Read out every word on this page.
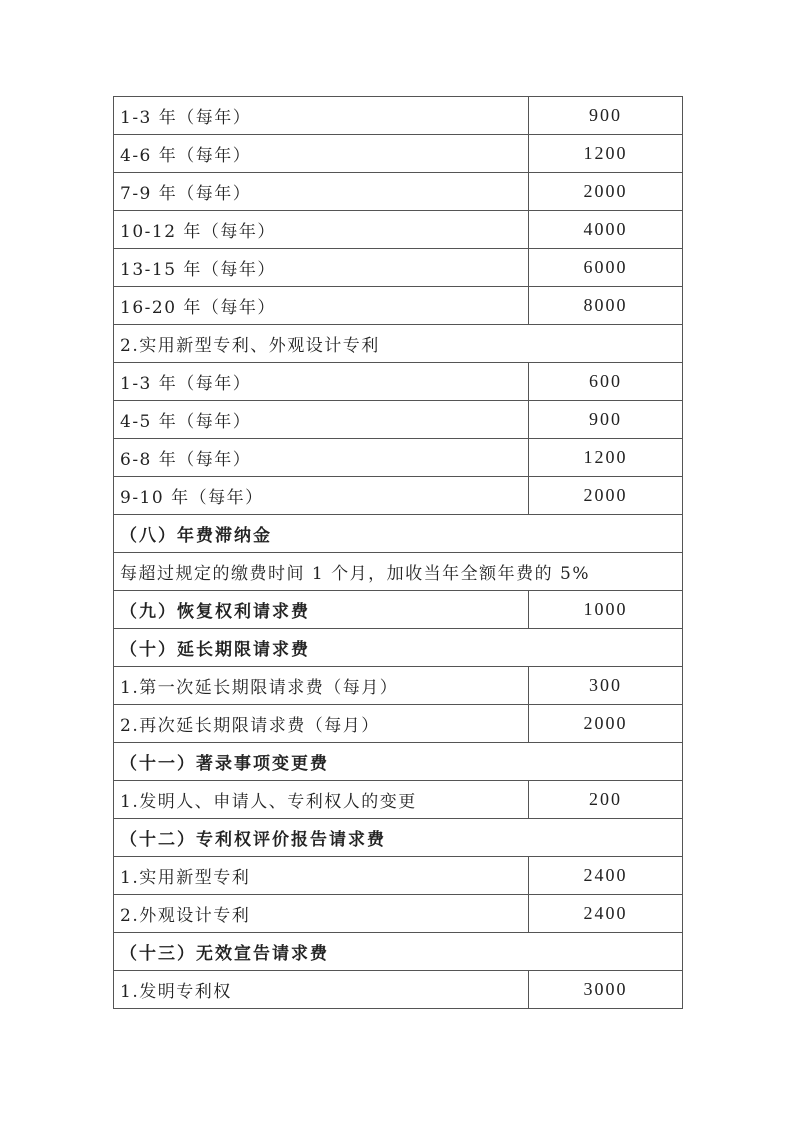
1-3 年（每年）	900
4-6 年（每年）	1200
7-9 年（每年）	2000
10-12 年（每年）	4000
13-15 年（每年）	6000
16-20 年（每年）	8000
2.实用新型专利、外观设计专利	
1-3 年（每年）	600
4-5 年（每年）	900
6-8 年（每年）	1200
9-10 年（每年）	2000
（八）年费滞纳金	
每超过规定的缴费时间 1 个月，加收当年全额年费的 5%	
（九）恢复权利请求费	1000
（十）延长期限请求费	
1.第一次延长期限请求费（每月）	300
2.再次延长期限请求费（每月）	2000
（十一）著录事项变更费	
1.发明人、申请人、专利权人的变更	200
（十二）专利权评价报告请求费	
1.实用新型专利	2400
2.外观设计专利	2400
（十三）无效宣告请求费	
1.发明专利权	3000
